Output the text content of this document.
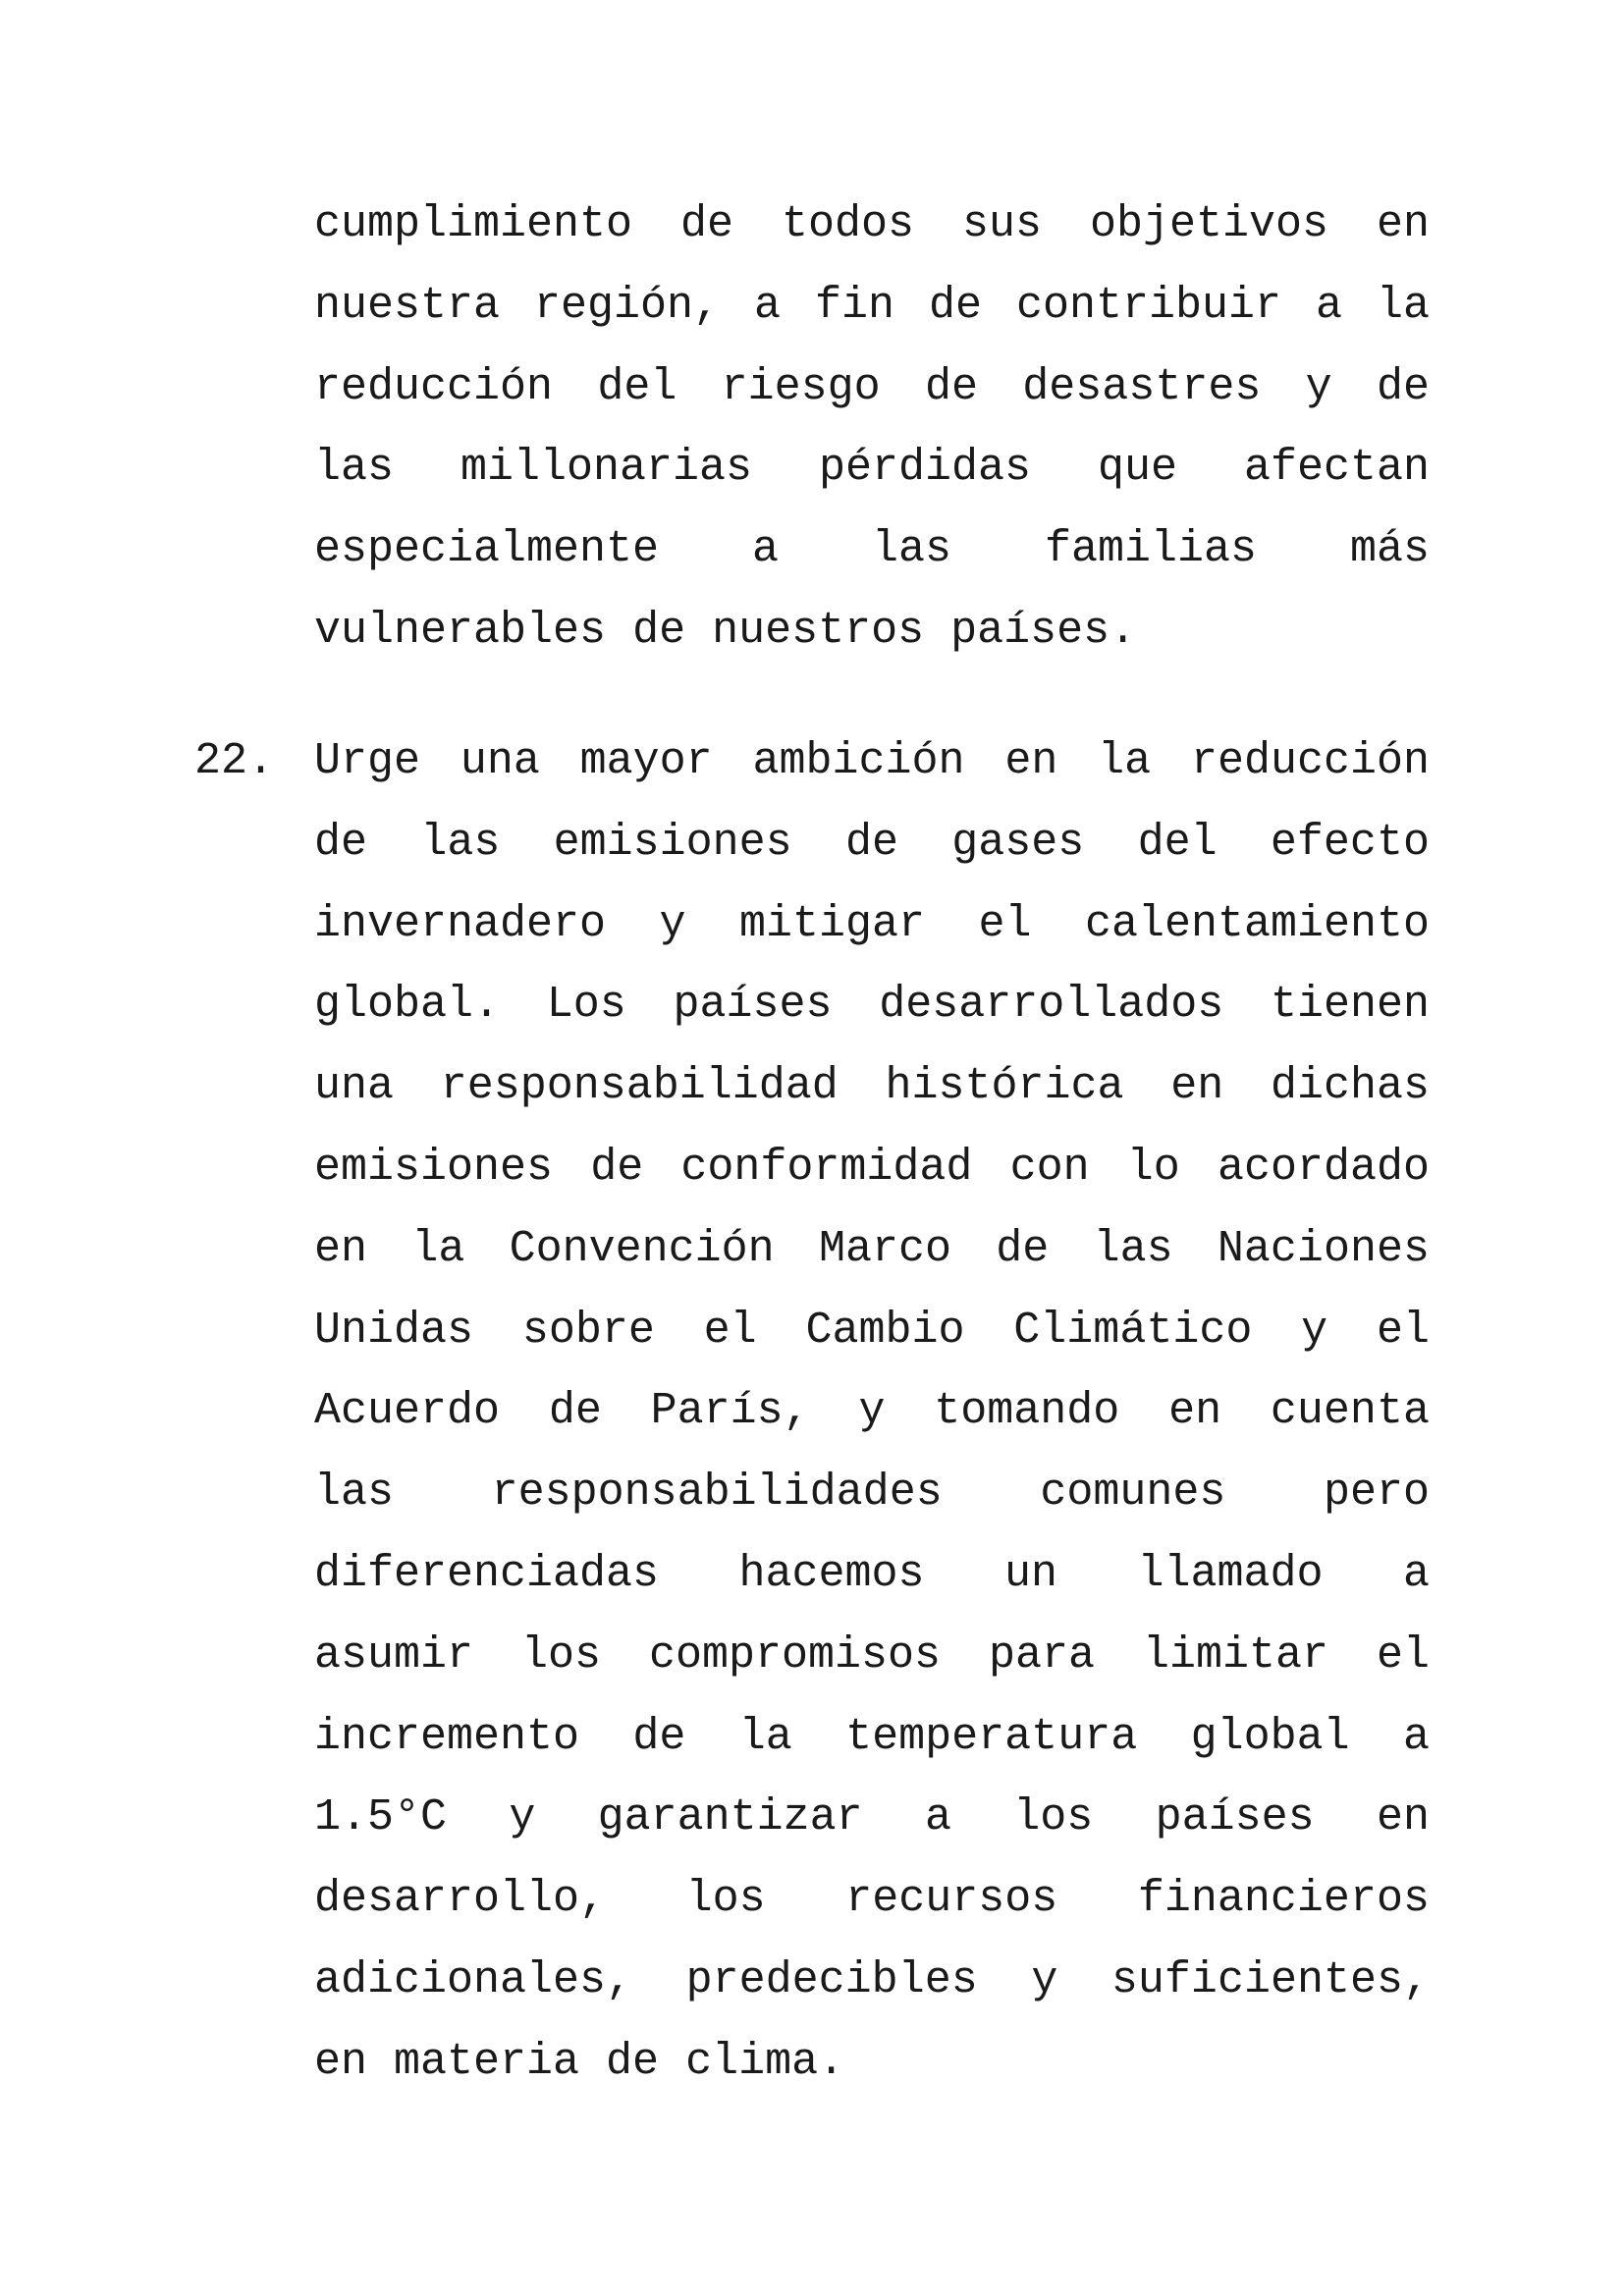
cumplimiento de todos sus objetivos en
nuestra región, a fin de contribuir a la
reducción del riesgo de desastres y de
las millonarias pérdidas que afectan
especialmente a las familias más
vulnerables de nuestros países.
22. Urge una mayor ambición en la reducción
de las emisiones de gases del efecto
invernadero y mitigar el calentamiento
global. Los países desarrollados tienen
una responsabilidad histórica en dichas
emisiones de conformidad con lo acordado
en la Convención Marco de las Naciones
Unidas sobre el Cambio Climático y el
Acuerdo de París, y tomando en cuenta
las responsabilidades comunes pero
diferenciadas hacemos un llamado a
asumir los compromisos para limitar el
incremento de la temperatura global a
1.5°C y garantizar a los países en
desarrollo, los recursos financieros
adicionales, predecibles y suficientes,
en materia de clima.
